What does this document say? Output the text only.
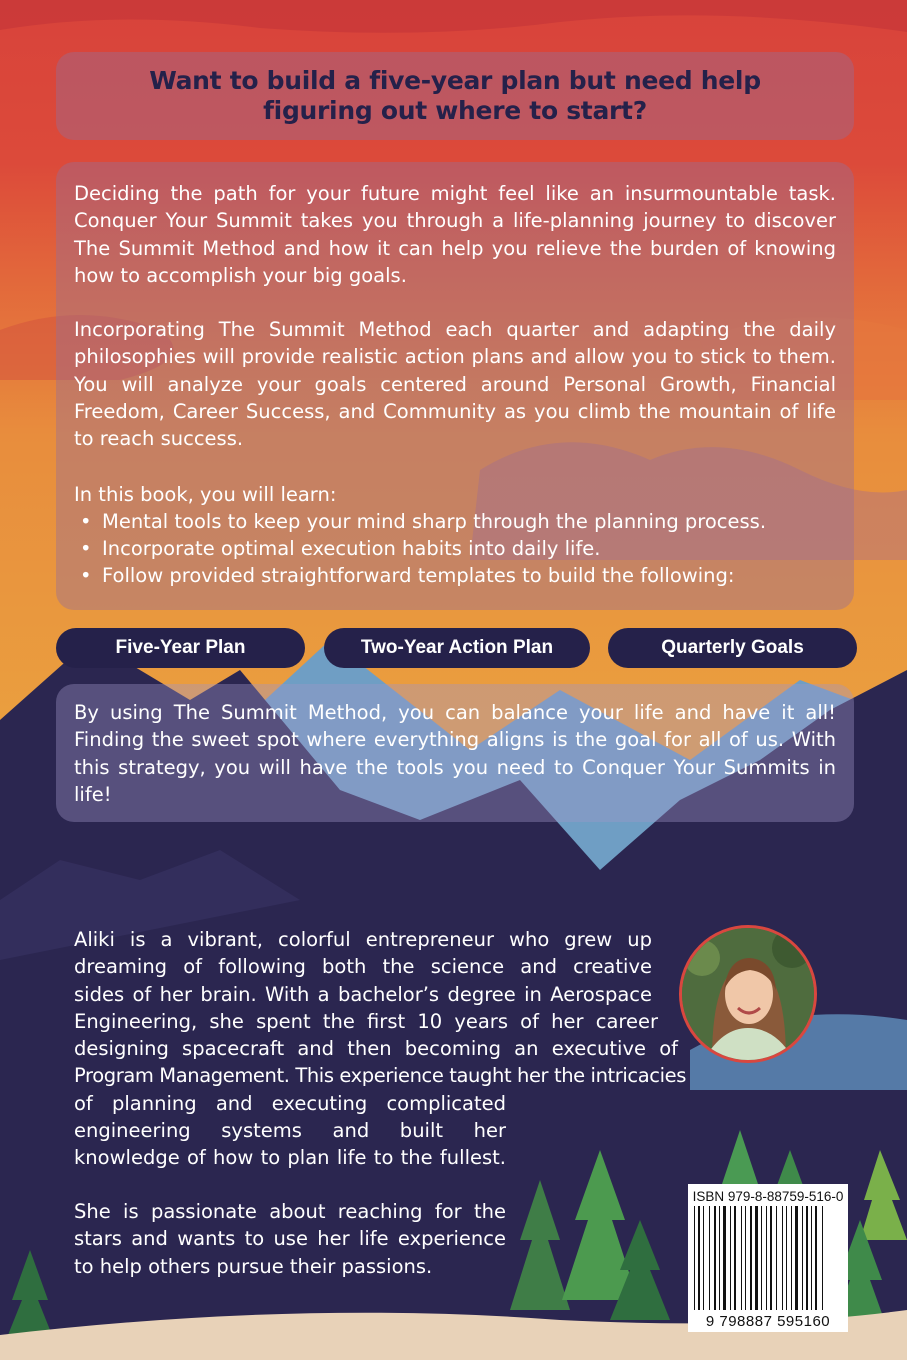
Want to build a five-year plan but need help
figuring out where to start?

Deciding the path for your future might feel like an insurmountable task. Conquer Your Summit takes you through a life-planning journey to discover The Summit Method and how it can help you relieve the burden of knowing how to accomplish your big goals.

Incorporating The Summit Method each quarter and adapting the daily philosophies will provide realistic action plans and allow you to stick to them. You will analyze your goals centered around Personal Growth, Financial Freedom, Career Success, and Community as you climb the mountain of life to reach success.

In this book, you will learn:
• Mental tools to keep your mind sharp through the planning process.
• Incorporate optimal execution habits into daily life.
• Follow provided straightforward templates to build the following:
Five-Year Plan	Two-Year Action Plan	Quarterly Goals

By using The Summit Method, you can balance your life and have it all! Finding the sweet spot where everything aligns is the goal for all of us. With this strategy, you will have the tools you need to Conquer Your Summits in life!

Aliki is a vibrant, colorful entrepreneur who grew up
dreaming of following both the science and creative
sides of her brain. With a bachelor’s degree in Aerospace
Engineering, she spent the first 10 years of her career
designing spacecraft and then becoming an executive of
Program Management. This experience taught her the intricacies
of planning and executing complicated
engineering systems and built her
knowledge of how to plan life to the fullest.
She is passionate about reaching for the
stars and wants to use her life experience
to help others pursue their passions.
ISBN 979-8-88759-516-0
9 798887 595160
